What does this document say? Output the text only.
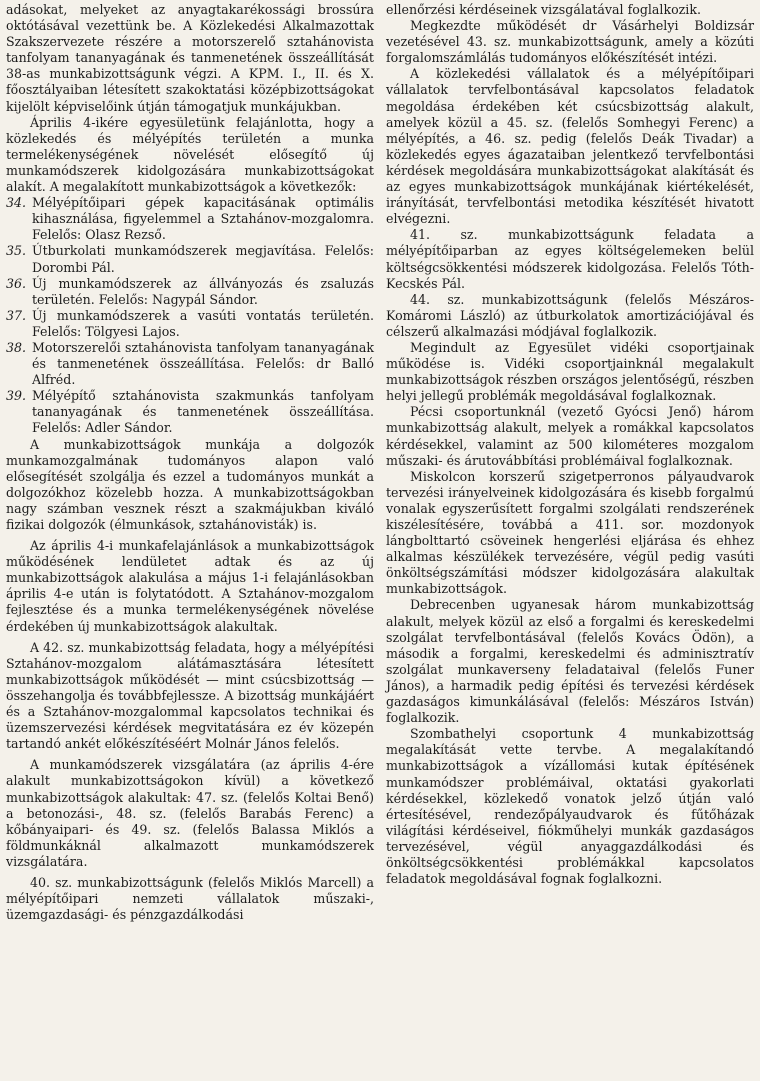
adásokat, melyeket az anyagtakarékossági brossúra októtásával vezettünk be. A Közlekedési Alkalmazottak Szakszervezete részére a motorszerelő sztahánovista tanfolyam tananyagának és tanmenetének összeállítását 38-as munkabizottságunk végzi. A KPM. I., II. és X. főosztályaiban létesített szakoktatási középbizottságokat kijelölt képviselőink útján támogatjuk munkájukban.

Április 4-ikére egyesületünk felajánlotta, hogy a közlekedés és mélyépítés területén a munka termelékenységének növelését elősegítő új munkamódszerek kidolgozására munkabizottságokat alakít. A megalakított munkabizottságok a következők:

34. Mélyépítőipari gépek kapacitásának optimális kihasználása, figyelemmel a Sztahánov-mozgalomra. Felelős: Olasz Rezső.
35. Útburkolati munkamódszerek megjavítása. Felelős: Dorombi Pál.
36. Új munkamódszerek az állványozás és zsaluzás területén. Felelős: Nagypál Sándor.
37. Új munkamódszerek a vasúti vontatás területén. Felelős: Tölgyesi Lajos.
38. Motorszerelői sztahánovista tanfolyam tananyagának és tanmenetének összeállítása. Felelős: dr Balló Alfréd.
39. Mélyépítő sztahánovista szakmunkás tanfolyam tananyagának és tanmenetének összeállítása. Felelős: Adler Sándor.

A munkabizottságok munkája a dolgozók munkamozgalmának tudományos alapon való elősegítését szolgálja és ezzel a tudományos munkát a dolgozókhoz közelebb hozza. A munkabizottságokban nagy számban vesznek részt a szakmájukban kiváló fizikai dolgozók (élmunkások, sztahánovisták) is.

Az április 4-i munkafelajánlások a munkabizottságok működésének lendületet adtak és az új munkabizottságok alakulása a május 1-i felajánlásokban április 4-e után is folytatódott. A Sztahánov-mozgalom fejlesztése és a munka termelékenységének növelése érdekében új munkabizottságok alakultak.

A 42. sz. munkabizottság feladata, hogy a mélyépítési Sztahánov-mozgalom alátámasztására létesített munkabizottságok működését — mint csúcsbizottság — összehangolja és továbbfejlessze. A bizottság munkájáért és a Sztahánov-mozgalommal kapcsolatos technikai és üzemszervezési kérdések megvitatására ez év közepén tartandó ankét előkészítéséért Molnár János felelős.

A munkamódszerek vizsgálatára (az április 4-ére alakult munkabizottságokon kívül) a következő munkabizottságok alakultak: 47. sz. (felelős Koltai Benő) a betonozási-, 48. sz. (felelős Barabás Ferenc) a kőbányaipari- és 49. sz. (felelős Balassa Miklós a földmunkáknál alkalmazott munkamódszerek vizsgálatára.

40. sz. munkabizottságunk (felelős Miklós Marcell) a mélyépítőipari nemzeti vállalatok műszaki-, üzemgazdasági- és pénzgazdálkodási

ellenőrzési kérdéseinek vizsgálatával foglalkozik.

Megkezdte működését dr Vásárhelyi Boldizsár vezetésével 43. sz. munkabizottságunk, amely a közúti forgalomszámlálás tudományos előkészítését intézi.

A közlekedési vállalatok és a mélyépítőipari vállalatok tervfelbontásával kapcsolatos feladatok megoldása érdekében két csúcsbizottság alakult, amelyek közül a 45. sz. (felelős Somhegyi Ferenc) a mélyépítés, a 46. sz. pedig (felelős Deák Tivadar) a közlekedés egyes ágazataiban jelentkező tervfelbontási kérdések megoldására munkabizottságokat alakítását és az egyes munkabizottságok munkájának kiértékelését, irányítását, tervfelbontási metodika készítését hivatott elvégezni.

41. sz. munkabizottságunk feladata a mélyépítőiparban az egyes költségelemeken belül költségcsökkentési módszerek kidolgozása. Felelős Tóth-Kecskés Pál.

44. sz. munkabizottságunk (felelős Mészáros-Komáromi László) az útburkolatok amortizációjával és célszerű alkalmazási módjával foglalkozik.

Megindult az Egyesület vidéki csoportjainak működése is. Vidéki csoportjainknál megalakult munkabizottságok részben országos jelentőségű, részben helyi jellegű problémák megoldásával foglalkoznak.

Pécsi csoportunknál (vezető Gyócsi Jenő) három munkabizottság alakult, melyek a romákkal kapcsolatos kérdésekkel, valamint az 500 kilométeres mozgalom műszaki- és árutovábbítási problémáival foglalkoznak.

Miskolcon korszerű szigetperronos pályaudvarok tervezési irányelveinek kidolgozására és kisebb forgalmú vonalak egyszerűsített forgalmi szolgálati rendszerének kiszélesítésére, továbbá a 411. sor. mozdonyok lángbolttartó csöveinek hengerlési eljárása és ehhez alkalmas készülékek tervezésére, végül pedig vasúti önköltségszámítási módszer kidolgozására alakultak munkabizottságok.

Debrecenben ugyanesak három munkabizottság alakult, melyek közül az első a forgalmi és kereskedelmi szolgálat tervfelbontásával (felelős Kovács Ödön), a második a forgalmi, kereskedelmi és adminisztratív szolgálat munkaverseny feladataival (felelős Funer János), a harmadik pedig építési és tervezési kérdések gazdaságos kimunkálásával (felelős: Mészáros István) foglalkozik.

Szombathelyi csoportunk 4 munkabizottság megalakítását vette tervbe. A megalakítandó munkabizottságok a vízállomási kutak építésének munkamódszer problémáival, oktatási gyakorlati kérdésekkel, közlekedő vonatok jelző útján való értesítésével, rendezőpályaudvarok és fűtőházak világítási kérdéseivel, fiókműhelyi munkák gazdaságos tervezésével, végül anyaggazdálkodási és önköltségcsökkentési problémákkal kapcsolatos feladatok megoldásával fognak foglalkozni.
